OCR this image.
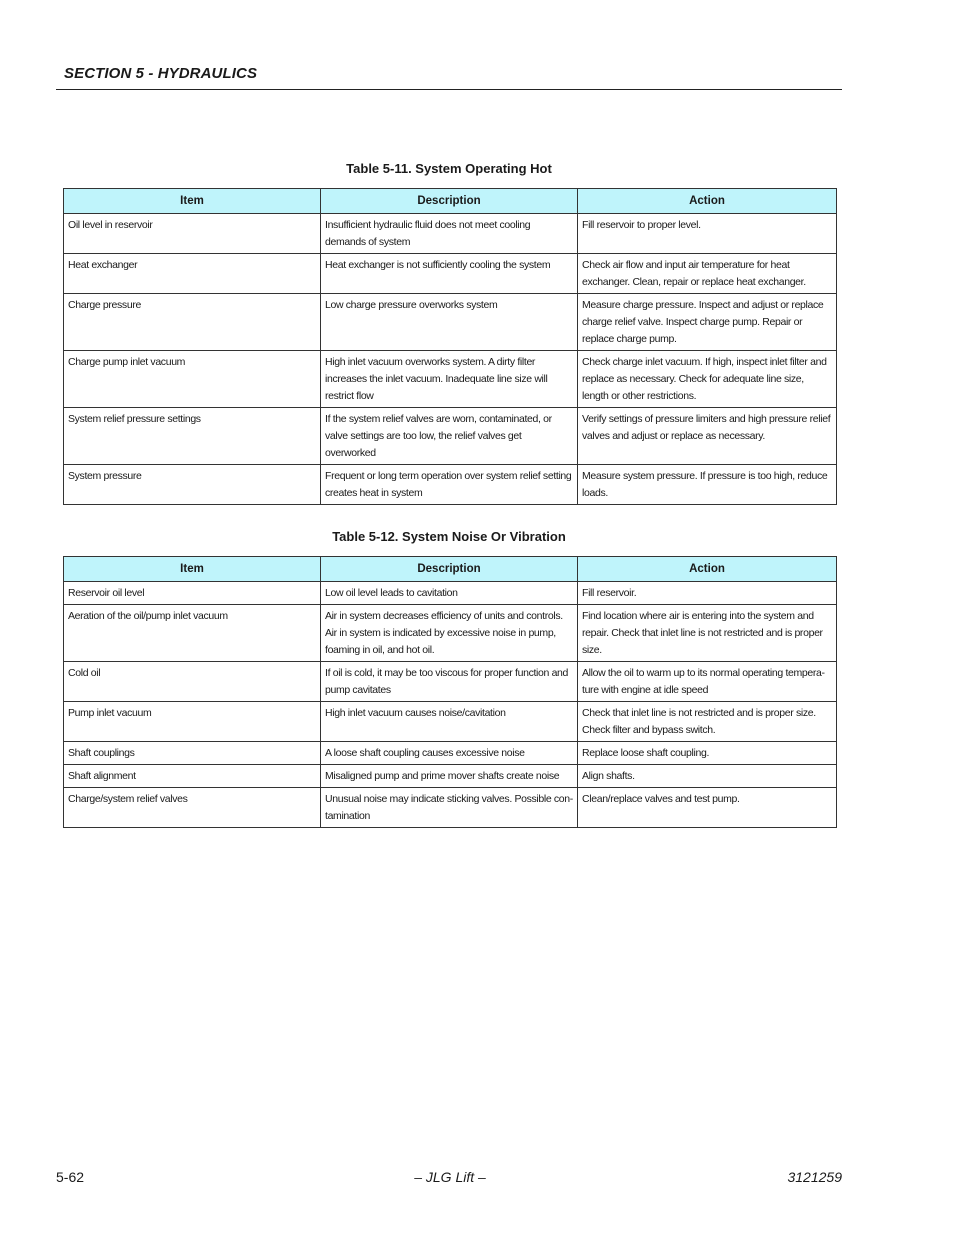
SECTION 5 - HYDRAULICS
Table 5-11. System Operating Hot
Item	Description	Action
Oil level in reservoir	Insufficient hydraulic fluid does not meet cooling demands of system	Fill reservoir to proper level.
Heat exchanger	Heat exchanger is not sufficiently cooling the system	Check air flow and input air temperature for heat exchanger. Clean, repair or replace heat exchanger.
Charge pressure	Low charge pressure overworks system	Measure charge pressure. Inspect and adjust or replace charge relief valve. Inspect charge pump. Repair or replace charge pump.
Charge pump inlet vacuum	High inlet vacuum overworks system. A dirty filter increases the inlet vacuum. Inadequate line size will restrict flow	Check charge inlet vacuum. If high, inspect inlet filter and replace as necessary. Check for adequate line size, length or other restrictions.
System relief pressure settings	If the system relief valves are worn, contaminated, or valve settings are too low, the relief valves get overworked	Verify settings of pressure limiters and high pressure relief valves and adjust or replace as necessary.
System pressure	Frequent or long term operation over system relief setting creates heat in system	Measure system pressure. If pressure is too high, reduce loads.
Table 5-12. System Noise Or Vibration
Item	Description	Action
Reservoir oil level	Low oil level leads to cavitation	Fill reservoir.
Aeration of the oil/pump inlet vacuum	Air in system decreases efficiency of units and controls. Air in system is indicated by excessive noise in pump, foaming in oil, and hot oil.	Find location where air is entering into the system and repair. Check that inlet line is not restricted and is proper size.
Cold oil	If oil is cold, it may be too viscous for proper function and pump cavitates	Allow the oil to warm up to its normal operating tempera-ture with engine at idle speed
Pump inlet vacuum	High inlet vacuum causes noise/cavitation	Check that inlet line is not restricted and is proper size. Check filter and bypass switch.
Shaft couplings	A loose shaft coupling causes excessive noise	Replace loose shaft coupling.
Shaft alignment	Misaligned pump and prime mover shafts create noise	Align shafts.
Charge/system relief valves	Unusual noise may indicate sticking valves. Possible con-tamination	Clean/replace valves and test pump.
5-62	– JLG Lift –	3121259
